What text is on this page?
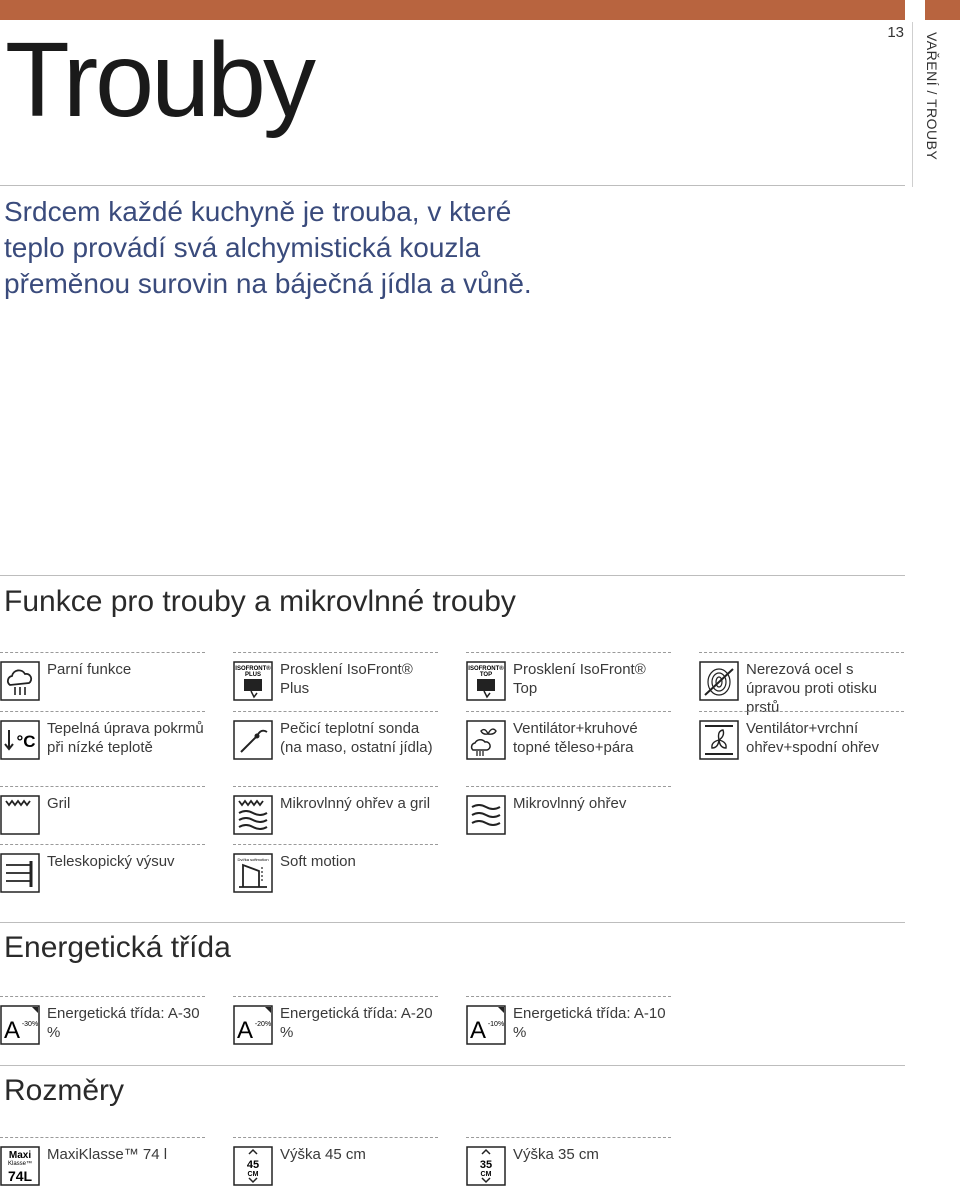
13 VAŘENÍ / TROUBY
Trouby
Srdcem každé kuchyně je trouba, v které teplo provádí svá alchymistická kouzla přeměnou surovin na báječná jídla a vůně.
Funkce pro trouby a mikrovlnné trouby
Parní funkce	ISOFRONT®
PLUS Prosklení IsoFront® Plus
ISOFRONT®
TOP Prosklení IsoFront® Top
Nerezová ocel s úpravou proti otisku prstů
°C
Tepelná úprava pokrmů při nízké teplotě
Pečicí teplotní sonda (na maso, ostatní jídla)
Ventilátor+kruhové topné těleso+pára
Ventilátor+vrchní ohřev+spodní ohřev
Gril	Mikrovlnný ohřev a gril	Mikrovlnný ohřev
Teleskopický výsuv	Dvířka softmotion Soft motion
Energetická třída
A -30%
Energetická třída: A-30 %	A -20%
Energetická třída: A-20 %	A -10%
Energetická třída: A-10 %
Rozměry
Maxi
Klasse™
74L
MaxiKlasse™ 74 l
45
CM
Výška 45 cm
35
CM
Výška 35 cm
